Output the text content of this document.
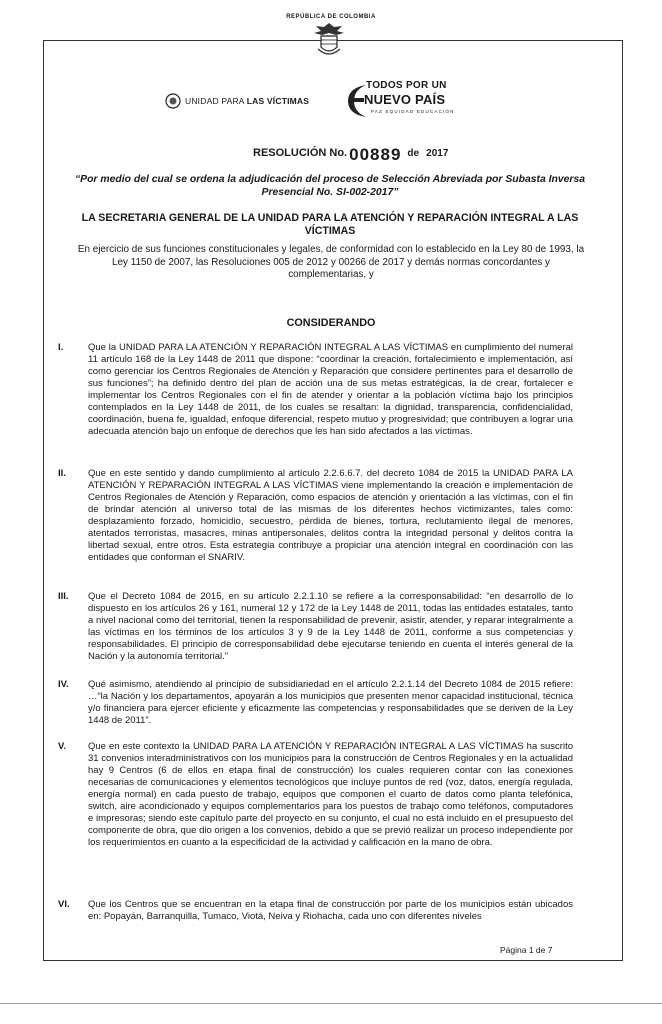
REPÚBLICA DE COLOMBIA
UNIDAD PARA LAS VÍCTIMAS
TODOS POR UN
NUEVO PAÍS
PAZ EQUIDAD EDUCACIÓN
RESOLUCIÓN No. 00889 de
2017
“Por medio del cual se ordena la adjudicación del proceso de Selección Abreviada por Subasta Inversa Presencial No. SI-002-2017”
LA SECRETARIA GENERAL DE LA UNIDAD PARA LA ATENCIÓN Y REPARACIÓN INTEGRAL A LAS VÍCTIMAS
En ejercicio de sus funciones constitucionales y legales, de conformidad con lo establecido en la Ley 80 de 1993, la Ley 1150 de 2007, las Resoluciones 005 de 2012 y 00266 de 2017 y demás normas concordantes y complementarias, y
CONSIDERANDO
I.	Que la UNIDAD PARA LA ATENCIÓN Y REPARACIÓN INTEGRAL A LAS VÍCTIMAS en cumplimiento del numeral 11 artículo 168 de la Ley 1448 de 2011 que dispone: “coordinar la creación, fortalecimiento e implementación, así como gerenciar los Centros Regionales de Atención y Reparación que considere pertinentes para el desarrollo de sus funciones”; ha definido dentro del plan de acción una de sus metas estratégicas, la de crear, fortalecer e implementar los Centros Regionales con el fin de atender y orientar a la población víctima bajo los principios contemplados en la Ley 1448 de 2011, de los cuales se resaltan: la dignidad, transparencia, confidencialidad, coordinación, buena fe, igualdad, enfoque diferencial, respeto mutuo y progresividad; que contribuyen a lograr una adecuada atención bajo un enfoque de derechos que les han sido afectados a las víctimas.
II. Que en este sentido y dando cumplimiento al artículo 2.2.6.6.7. del decreto 1084 de 2015 la UNIDAD PARA LA ATENCIÓN Y REPARACIÓN INTEGRAL A LAS VÍCTIMAS viene implementando la creación e implementación de Centros Regionales de Atención y Reparación, como espacios de atención y orientación a las víctimas, con el fin de brindar atención al universo total de las mismas de los diferentes hechos victimizantes, tales como: desplazamiento forzado, homicidio, secuestro, pérdida de bienes, tortura, reclutamiento ilegal de menores, atentados terroristas, masacres, minas antipersonales, delitos contra la integridad personal y delitos contra la libertad sexual, entre otros. Esta estrategia contribuye a propiciar una atención integral en coordinación con las entidades que conforman el SNARIV.
III. Que el Decreto 1084 de 2015, en su artículo 2.2.1.10 se refiere a la corresponsabilidad: “en desarrollo de lo dispuesto en los artículos 26 y 161, numeral 12 y 172 de la Ley 1448 de 2011, todas las entidades estatales, tanto a nivel nacional como del territorial, tienen la responsabilidad de prevenir, asistir, atender, y reparar integralmente a las víctimas en los términos de los artículos 3 y 9 de la Ley 1448 de 2011, conforme a sus competencias y responsabilidades. El principio de corresponsabilidad debe ejecutarse teniendo en cuenta el interés general de la Nación y la autonomía territorial.”
IV. Qué asimismo, atendiendo al principio de subsidiariedad en el artículo 2.2.1.14 del Decreto 1084 de 2015 refiere: …“la Nación y los departamentos, apoyarán a los municipios que presenten menor capacidad institucional, técnica y/o financiera para ejercer eficiente y eficazmente las competencias y responsabilidades que se deriven de la Ley 1448 de 2011”.
V. Que en este contexto la UNIDAD PARA LA ATENCIÓN Y REPARACIÓN INTEGRAL A LAS VÍCTIMAS ha suscrito 31 convenios interadministrativos con los municipios para la construcción de Centros Regionales y en la actualidad hay 9 Centros (6 de ellos en etapa final de construcción) los cuales requieren contar con las conexiones necesarias de comunicaciones y elementos tecnológicos que incluye puntos de red (voz, datos, energía regulada, energía normal) en cada puesto de trabajo, equipos que componen el cuarto de datos como planta telefónica, switch, aire acondicionado y equipos complementarios para los puestos de trabajo como teléfonos, computadores e impresoras; siendo este capítulo parte del proyecto en su conjunto, el cual no está incluido en el presupuesto del componente de obra, que dio origen a los convenios, debido a que se previó realizar un proceso independiente por los requerimientos en cuanto a la especificidad de la actividad y calificación en la mano de obra.
VI. Que los Centros que se encuentran en la etapa final de construcción por parte de los municipios están ubicados en: Popayán, Barranquilla, Tumaco, Viotá, Neiva y Riohacha, cada uno con diferentes niveles
Página 1 de 7
